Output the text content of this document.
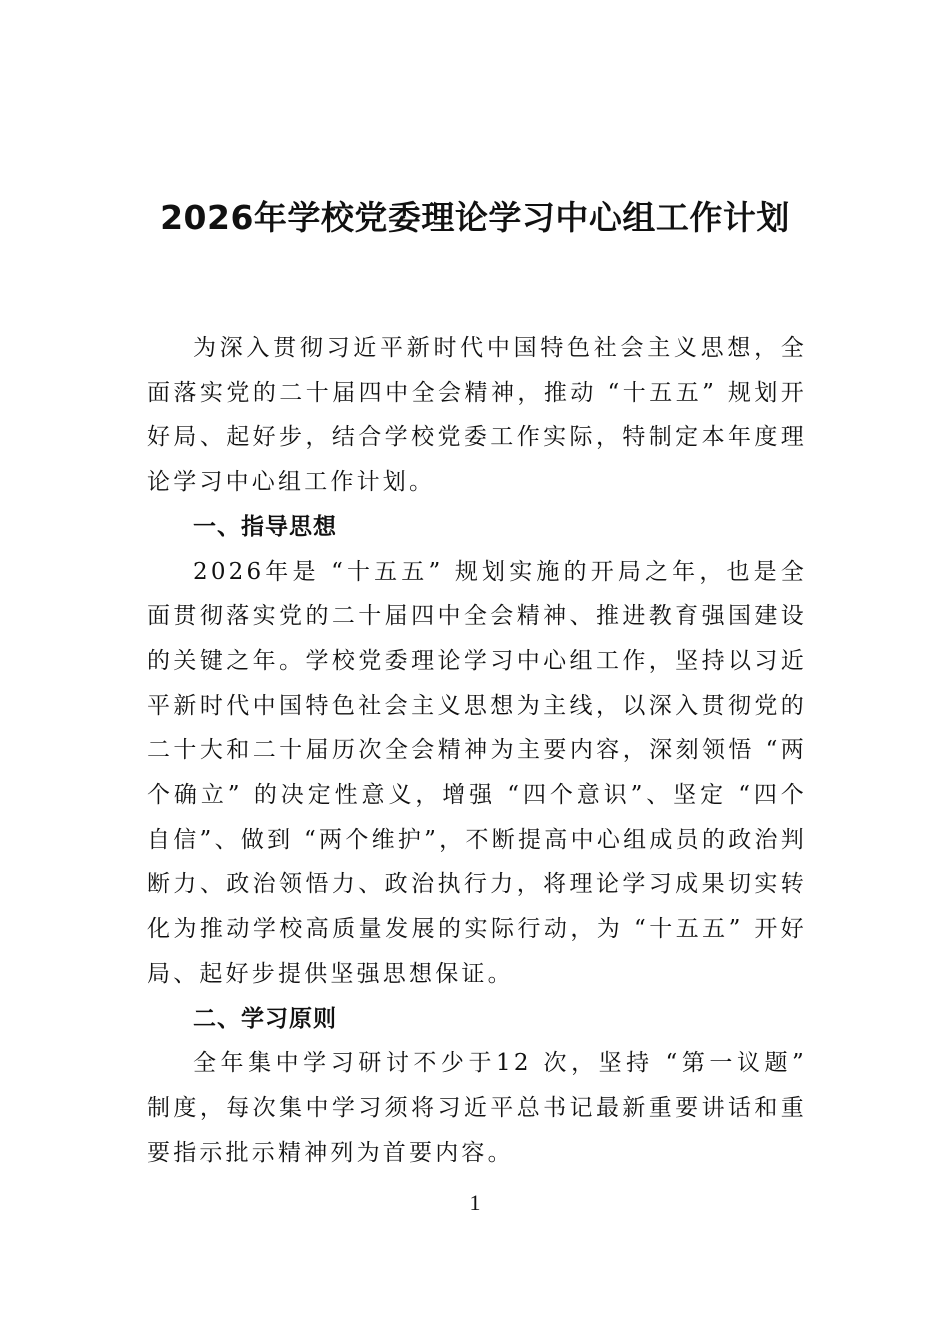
2026年学校党委理论学习中心组工作计划

为深入贯彻习近平新时代中国特色社会主义思想，全面落实党的二十届四中全会精神，推动 “十五五” 规划开好局、起好步，结合学校党委工作实际，特制定本年度理论学习中心组工作计划。

一、指导思想

2026年是 “十五五” 规划实施的开局之年，也是全面贯彻落实党的二十届四中全会精神、推进教育强国建设的关键之年。学校党委理论学习中心组工作，坚持以习近平新时代中国特色社会主义思想为主线，以深入贯彻党的二十大和二十届历次全会精神为主要内容，深刻领悟 “两个确立” 的决定性意义，增强 “四个意识”、坚定 “四个自信”、做到 “两个维护”，不断提高中心组成员的政治判断力、政治领悟力、政治执行力，将理论学习成果切实转化为推动学校高质量发展的实际行动，为 “十五五” 开好局、起好步提供坚强思想保证。

二、学习原则

全年集中学习研讨不少于12 次，坚持 “第一议题” 制度，每次集中学习须将习近平总书记最新重要讲话和重要指示批示精神列为首要内容。

1
